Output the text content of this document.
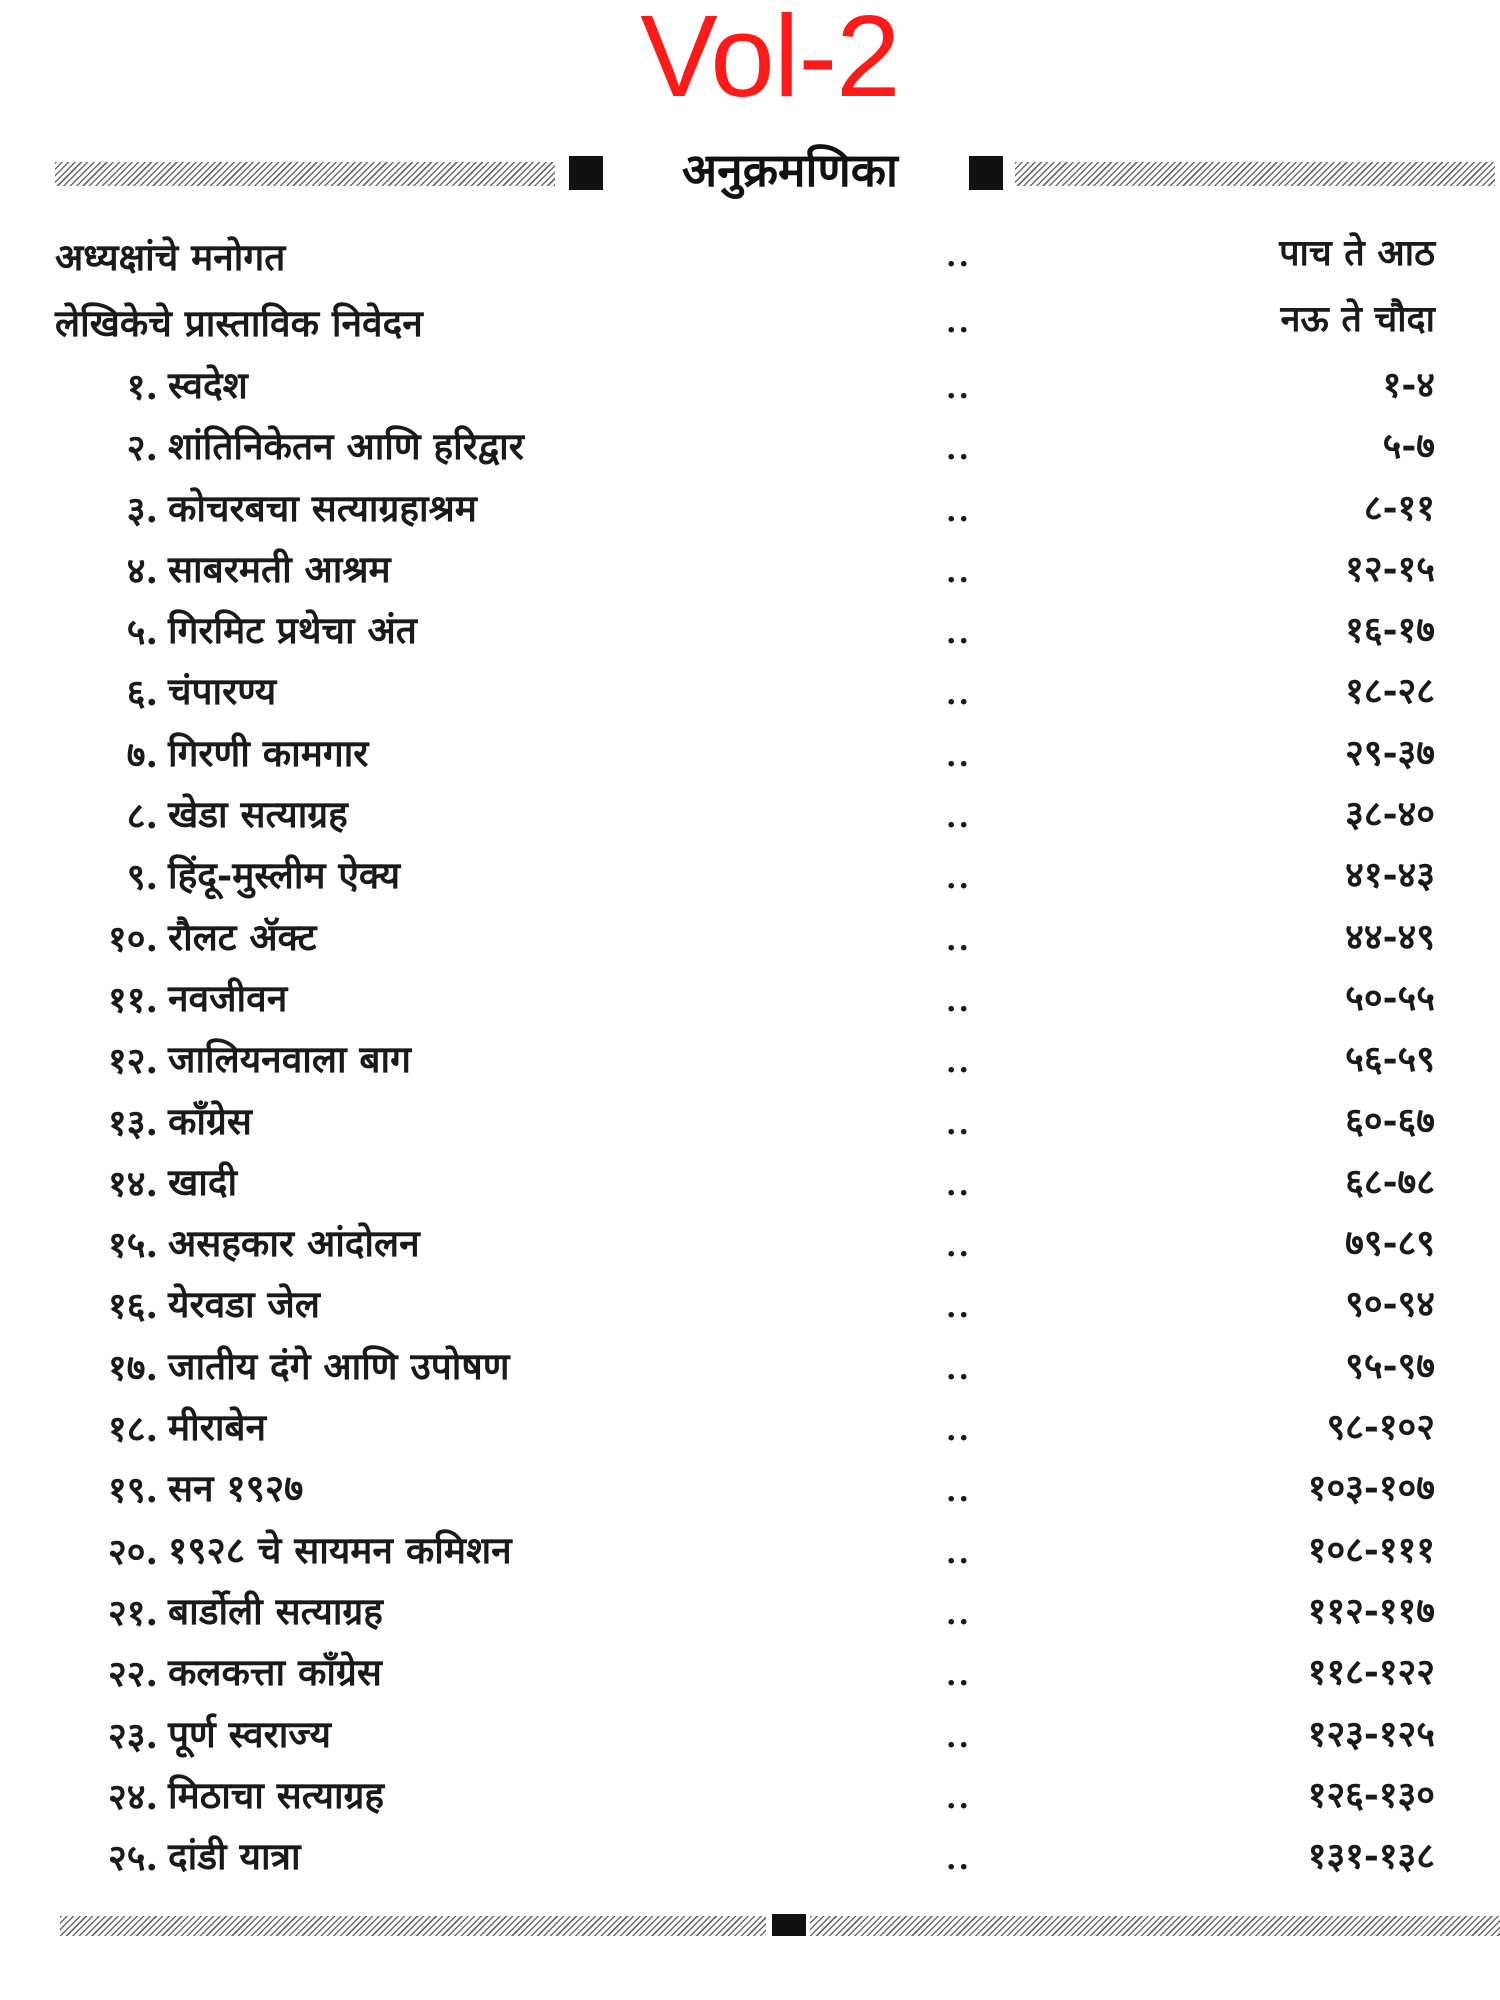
Vol-2
अनुक्रमणिका
अध्यक्षांचे मनोगत	..	पाच ते आठ
लेखिकेचे प्रास्ताविक निवेदन	..	नऊ ते चौदा
१. स्वदेश	..	१-४
२. शांतिनिकेतन आणि हरिद्वार	..	५-७
३. कोचरबचा सत्याग्रहाश्रम	..	८-११
४. साबरमती आश्रम	..	१२-१५
५. गिरमिट प्रथेचा अंत	..	१६-१७
६. चंपारण्य	..	१८-२८
७. गिरणी कामगार	..	२९-३७
८. खेडा सत्याग्रह	..	३८-४०
९. हिंदू-मुस्लीम ऐक्य	..	४१-४३
१०. रौलट ॲक्ट	..	४४-४९
११. नवजीवन	..	५०-५५
१२. जालियनवाला बाग	..	५६-५९
१३. कॉंग्रेस	..	६०-६७
१४. खादी	..	६८-७८
१५. असहकार आंदोलन	..	७९-८९
१६. येरवडा जेल	..	९०-९४
१७. जातीय दंगे आणि उपोषण	..	९५-९७
१८. मीराबेन	..	९८-१०२
१९. सन १९२७	..	१०३-१०७
२०. १९२८ चे सायमन कमिशन	..	१०८-१११
२१. बार्डोली सत्याग्रह	..	११२-११७
२२. कलकत्ता कॉंग्रेस	..	११८-१२२
२३. पूर्ण स्वराज्य	..	१२३-१२५
२४. मिठाचा सत्याग्रह	..	१२६-१३०
२५. दांडी यात्रा	..	१३१-१३८
